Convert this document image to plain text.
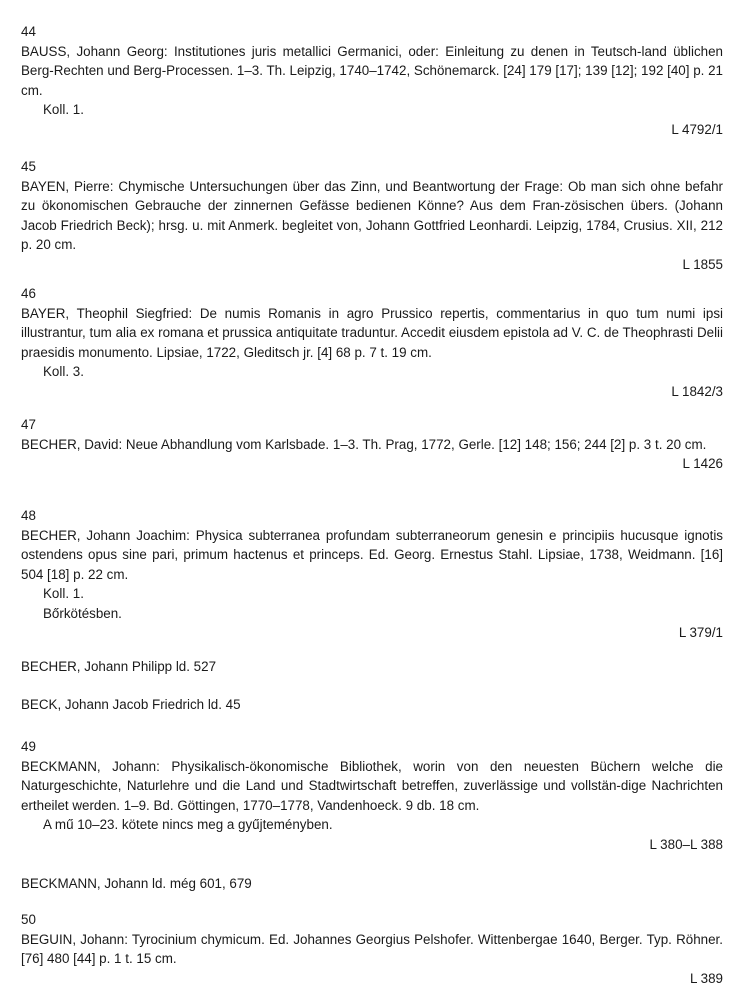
44
BAUSS, Johann Georg: Institutiones juris metallici Germanici, oder: Einleitung zu denen in Teutsch-land üblichen Berg-Rechten und Berg-Processen. 1–3. Th. Leipzig, 1740–1742, Schönemarck. [24] 179 [17]; 139 [12]; 192 [40] p. 21 cm.
Koll. 1.
L 4792/1
45
BAYEN, Pierre: Chymische Untersuchungen über das Zinn, und Beantwortung der Frage: Ob man sich ohne befahr zu ökonomischen Gebrauche der zinnernen Gefässe bedienen Könne? Aus dem Fran-zösischen übers. (Johann Jacob Friedrich Beck); hrsg. u. mit Anmerk. begleitet von, Johann Gottfried Leonhardi. Leipzig, 1784, Crusius. XII, 212 p. 20 cm.
L 1855
46
BAYER, Theophil Siegfried: De numis Romanis in agro Prussico repertis, commentarius in quo tum numi ipsi illustrantur, tum alia ex romana et prussica antiquitate traduntur. Accedit eiusdem epistola ad V. C. de Theophrasti Delii praesidis monumento. Lipsiae, 1722, Gleditsch jr. [4] 68 p. 7 t. 19 cm.
Koll. 3.
L 1842/3
47
BECHER, David: Neue Abhandlung vom Karlsbade. 1–3. Th. Prag, 1772, Gerle. [12] 148; 156; 244 [2] p. 3 t. 20 cm.
L 1426
48
BECHER, Johann Joachim: Physica subterranea profundam subterraneorum genesin e principiis hucusque ignotis ostendens opus sine pari, primum hactenus et princeps. Ed. Georg. Ernestus Stahl. Lipsiae, 1738, Weidmann. [16] 504 [18] p. 22 cm.
Koll. 1.
Bőrkötésben.
L 379/1
BECHER, Johann Philipp ld. 527
BECK, Johann Jacob Friedrich ld. 45
49
BECKMANN, Johann: Physikalisch-ökonomische Bibliothek, worin von den neuesten Büchern welche die Naturgeschichte, Naturlehre und die Land und Stadtwirtschaft betreffen, zuverlässige und vollstän-dige Nachrichten ertheilet werden. 1–9. Bd. Göttingen, 1770–1778, Vandenhoeck. 9 db. 18 cm.
A mű 10–23. kötete nincs meg a gyűjteményben.
L 380–L 388
BECKMANN, Johann ld. még 601, 679
50
BEGUIN, Johann: Tyrocinium chymicum. Ed. Johannes Georgius Pelshofer. Wittenbergae 1640, Berger. Typ. Röhner. [76] 480 [44] p. 1 t. 15 cm.
L 389
